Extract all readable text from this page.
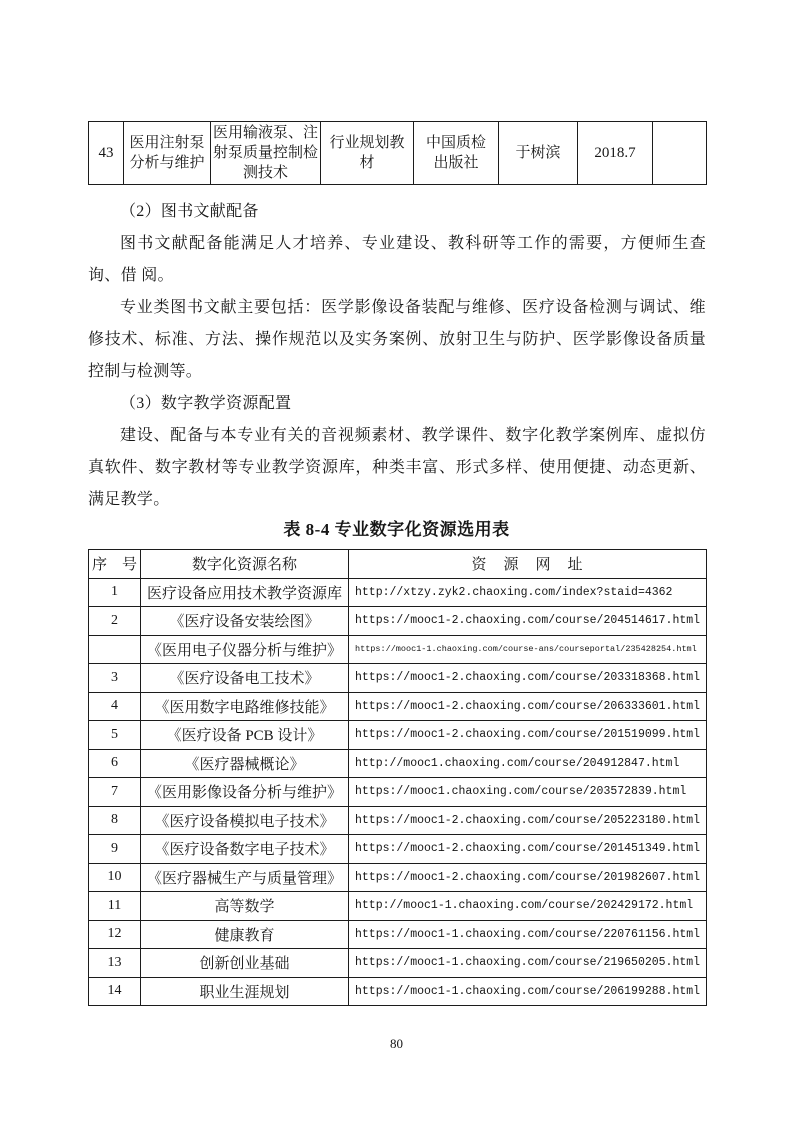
43	医用注射泵分析与维护	医用输液泵、注射泵质量控制检测技术	行业规划教材	中国质检出版社	于树滨	2018.7	

（2）图书文献配备

图书文献配备能满足人才培养、专业建设、教科研等工作的需要，方便师生查询、借 阅。

专业类图书文献主要包括：医学影像设备装配与维修、医疗设备检测与调试、维修技术、标准、方法、操作规范以及实务案例、放射卫生与防护、医学影像设备质量控制与检测等。

（3）数字教学资源配置

建设、配备与本专业有关的音视频素材、教学课件、数字化教学案例库、虚拟仿真软件、数字教材等专业教学资源库，种类丰富、形式多样、使用便捷、动态更新、满足教学。

表 8-4 专业数字化资源选用表
序　号	数字化资源名称	资　源　网　址
1	医疗设备应用技术教学资源库	http://xtzy.zyk2.chaoxing.com/index?staid=4362
2	《医疗设备安装绘图》	https://mooc1-2.chaoxing.com/course/204514617.html
	《医用电子仪器分析与维护》	https://mooc1-1.chaoxing.com/course-ans/courseportal/235428254.html
3	《医疗设备电工技术》	https://mooc1-2.chaoxing.com/course/203318368.html
4	《医用数字电路维修技能》	https://mooc1-2.chaoxing.com/course/206333601.html
5	《医疗设备 PCB 设计》	https://mooc1-2.chaoxing.com/course/201519099.html
6	《医疗器械概论》	http://mooc1.chaoxing.com/course/204912847.html
7	《医用影像设备分析与维护》	https://mooc1.chaoxing.com/course/203572839.html
8	《医疗设备模拟电子技术》	https://mooc1-2.chaoxing.com/course/205223180.html
9	《医疗设备数字电子技术》	https://mooc1-2.chaoxing.com/course/201451349.html
10	《医疗器械生产与质量管理》	https://mooc1-2.chaoxing.com/course/201982607.html
11	高等数学	http://mooc1-1.chaoxing.com/course/202429172.html
12	健康教育	https://mooc1-1.chaoxing.com/course/220761156.html
13	创新创业基础	https://mooc1-1.chaoxing.com/course/219650205.html
14	职业生涯规划	https://mooc1-1.chaoxing.com/course/206199288.html
80
